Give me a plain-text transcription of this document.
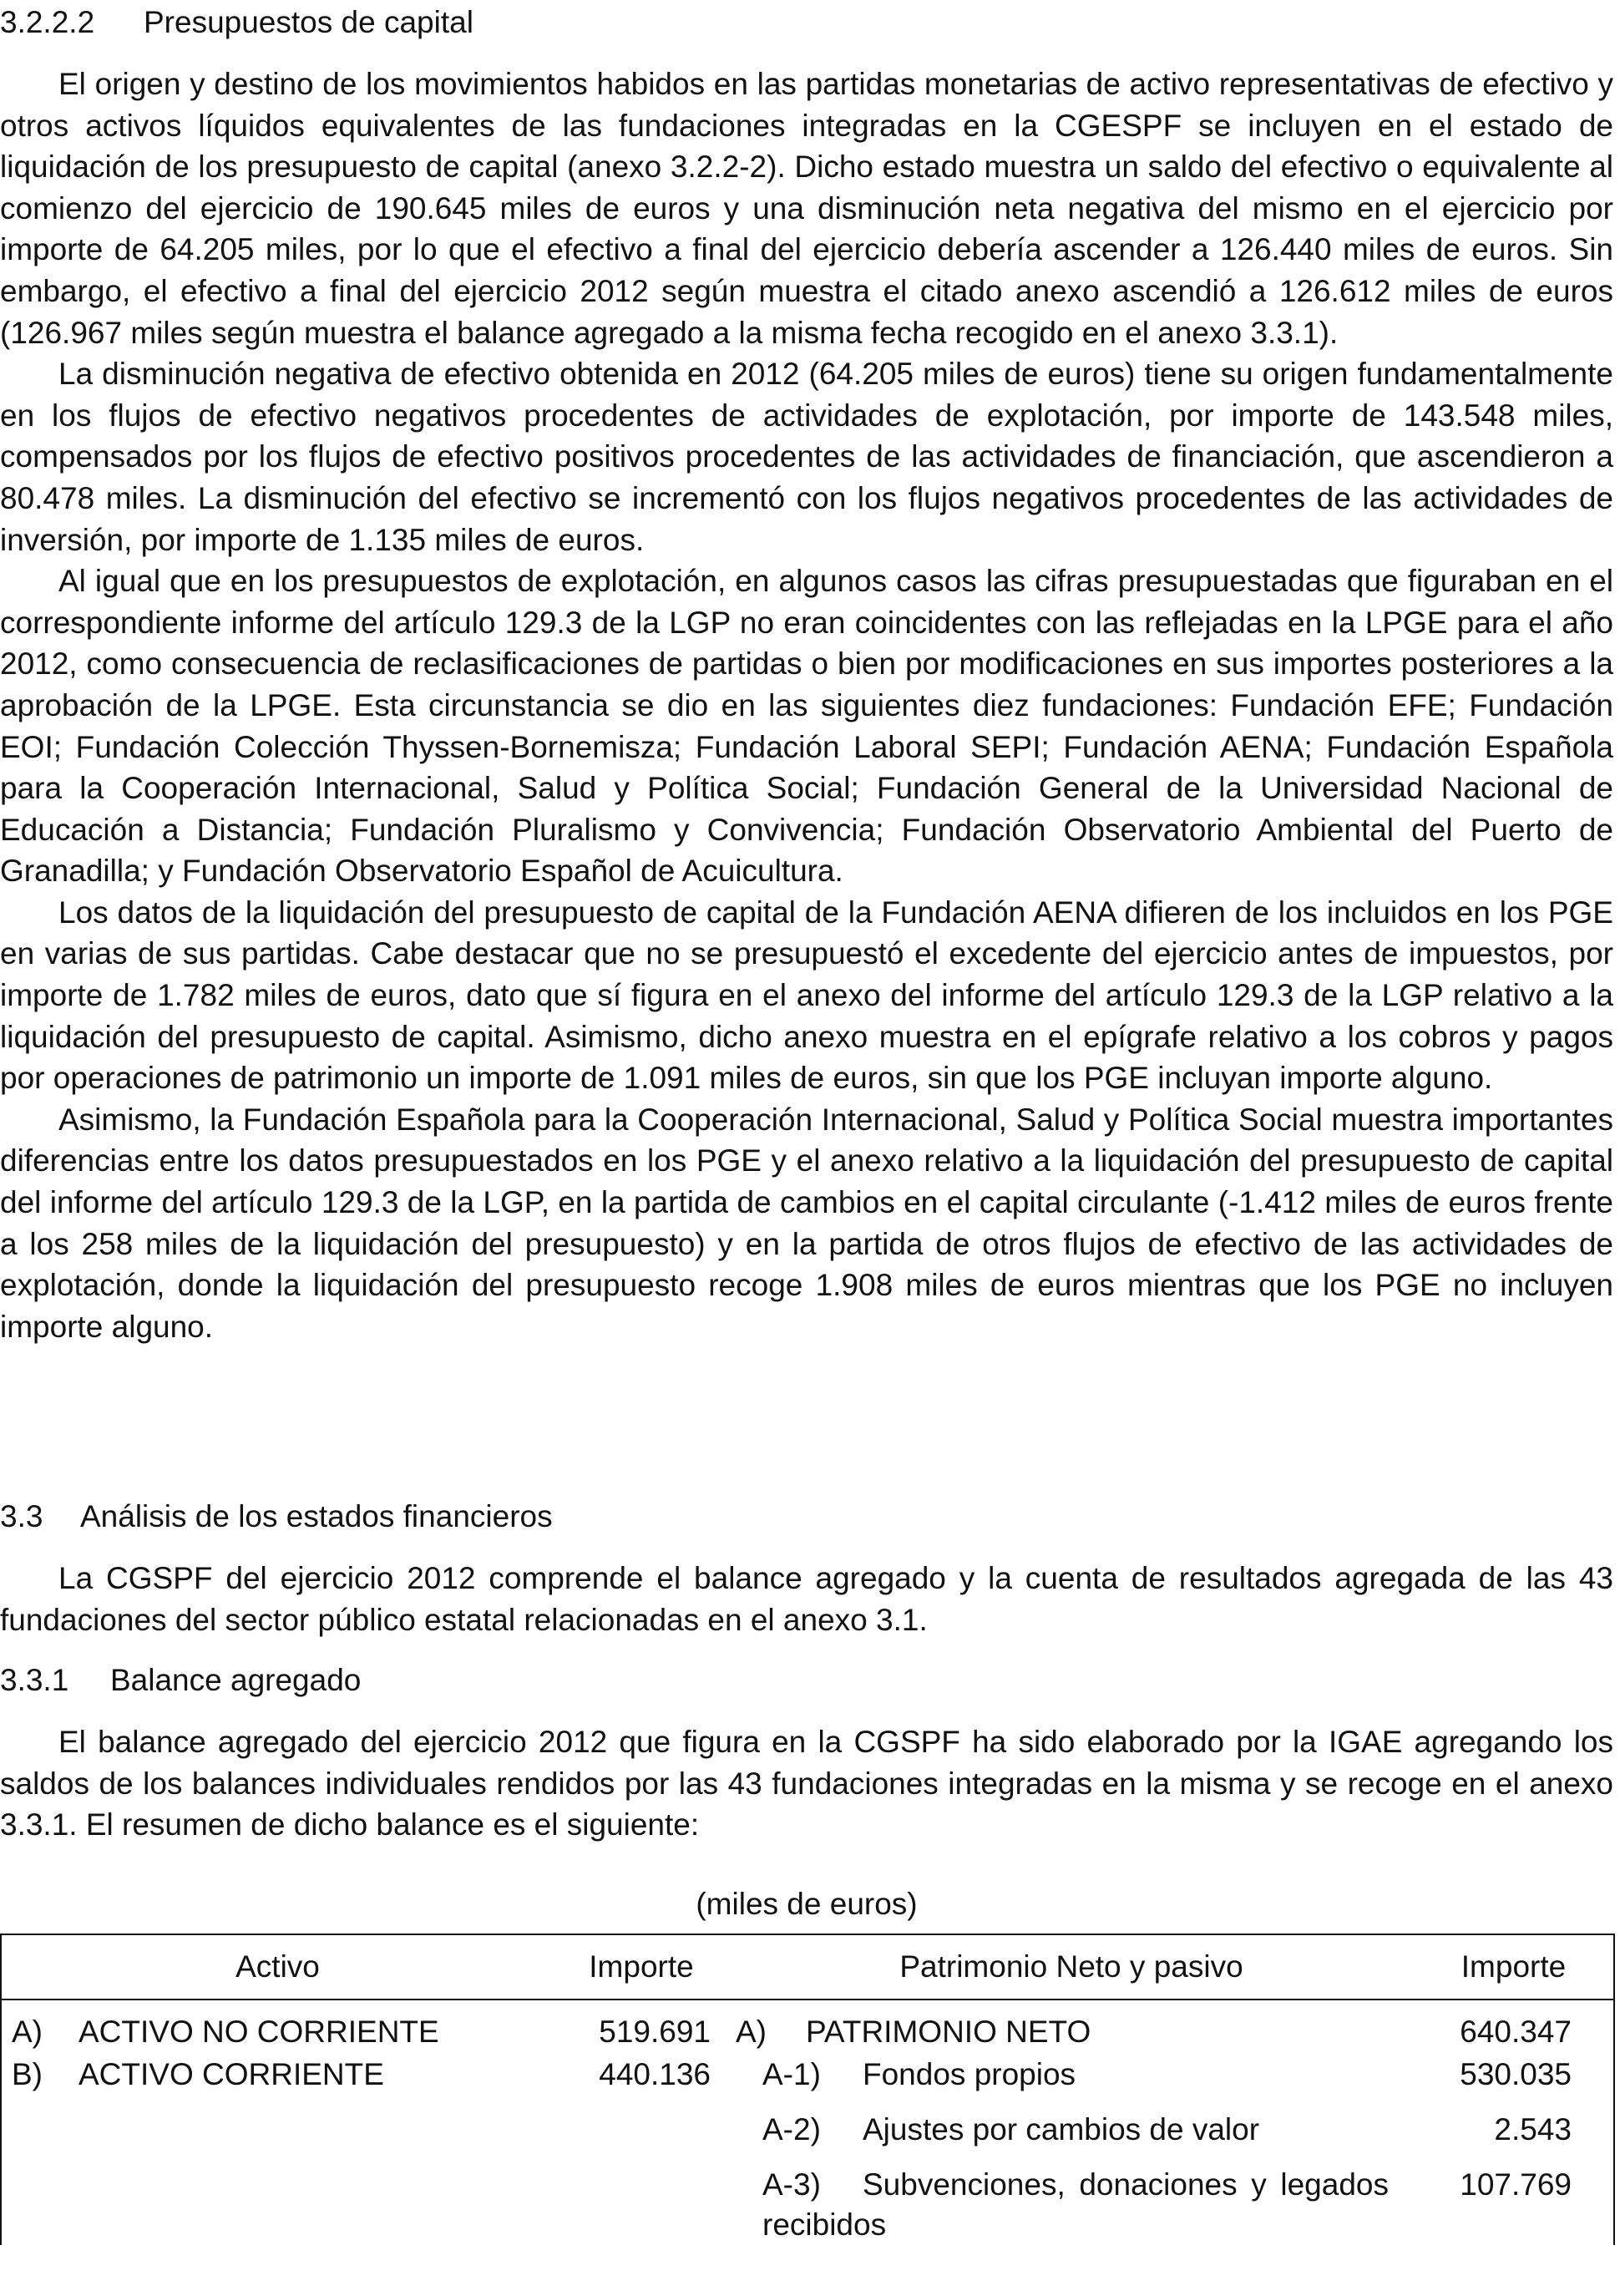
3.2.2.2 Presupuestos de capital

El origen y destino de los movimientos habidos en las partidas monetarias de activo representativas de efectivo y otros activos líquidos equivalentes de las fundaciones integradas en la CGESPF se incluyen en el estado de liquidación de los presupuesto de capital (anexo 3.2.2-2). Dicho estado muestra un saldo del efectivo o equivalente al comienzo del ejercicio de 190.645 miles de euros y una disminución neta negativa del mismo en el ejercicio por importe de 64.205 miles, por lo que el efectivo a final del ejercicio debería ascender a 126.440 miles de euros. Sin embargo, el efectivo a final del ejercicio 2012 según muestra el citado anexo ascendió a 126.612 miles de euros (126.967 miles según muestra el balance agregado a la misma fecha recogido en el anexo 3.3.1).

La disminución negativa de efectivo obtenida en 2012 (64.205 miles de euros) tiene su origen fundamentalmente en los flujos de efectivo negativos procedentes de actividades de explotación, por importe de 143.548 miles, compensados por los flujos de efectivo positivos procedentes de las actividades de financiación, que ascendieron a 80.478 miles. La disminución del efectivo se incrementó con los flujos negativos procedentes de las actividades de inversión, por importe de 1.135 miles de euros.

Al igual que en los presupuestos de explotación, en algunos casos las cifras presupuestadas que figuraban en el correspondiente informe del artículo 129.3 de la LGP no eran coincidentes con las reflejadas en la LPGE para el año 2012, como consecuencia de reclasificaciones de partidas o bien por modificaciones en sus importes posteriores a la aprobación de la LPGE. Esta circunstancia se dio en las siguientes diez fundaciones: Fundación EFE; Fundación EOI; Fundación Colección Thyssen-Bornemisza; Fundación Laboral SEPI; Fundación AENA; Fundación Española para la Cooperación Internacional, Salud y Política Social; Fundación General de la Universidad Nacional de Educación a Distancia; Fundación Pluralismo y Convivencia; Fundación Observatorio Ambiental del Puerto de Granadilla; y Fundación Observatorio Español de Acuicultura.

Los datos de la liquidación del presupuesto de capital de la Fundación AENA difieren de los incluidos en los PGE en varias de sus partidas. Cabe destacar que no se presupuestó el excedente del ejercicio antes de impuestos, por importe de 1.782 miles de euros, dato que sí figura en el anexo del informe del artículo 129.3 de la LGP relativo a la liquidación del presupuesto de capital. Asimismo, dicho anexo muestra en el epígrafe relativo a los cobros y pagos por operaciones de patrimonio un importe de 1.091 miles de euros, sin que los PGE incluyan importe alguno.

Asimismo, la Fundación Española para la Cooperación Internacional, Salud y Política Social muestra importantes diferencias entre los datos presupuestados en los PGE y el anexo relativo a la liquidación del presupuesto de capital del informe del artículo 129.3 de la LGP, en la partida de cambios en el capital circulante (-1.412 miles de euros frente a los 258 miles de la liquidación del presupuesto) y en la partida de otros flujos de efectivo de las actividades de explotación, donde la liquidación del presupuesto recoge 1.908 miles de euros mientras que los PGE no incluyen importe alguno.

3.3 Análisis de los estados financieros

La CGSPF del ejercicio 2012 comprende el balance agregado y la cuenta de resultados agregada de las 43 fundaciones del sector público estatal relacionadas en el anexo 3.1.

3.3.1 Balance agregado

El balance agregado del ejercicio 2012 que figura en la CGSPF ha sido elaborado por la IGAE agregando los saldos de los balances individuales rendidos por las 43 fundaciones integradas en la misma y se recoge en el anexo 3.3.1. El resumen de dicho balance es el siguiente:

(miles de euros)
Activo	Importe	Patrimonio Neto y pasivo	Importe
A) ACTIVO NO CORRIENTE	519.691	A) PATRIMONIO NETO	640.347
B) ACTIVO CORRIENTE	440.136	A-1) Fondos propios	530.035
		A-2) Ajustes por cambios de valor	2.543

		A-3) Subvenciones, donaciones y legados recibidos	107.769
